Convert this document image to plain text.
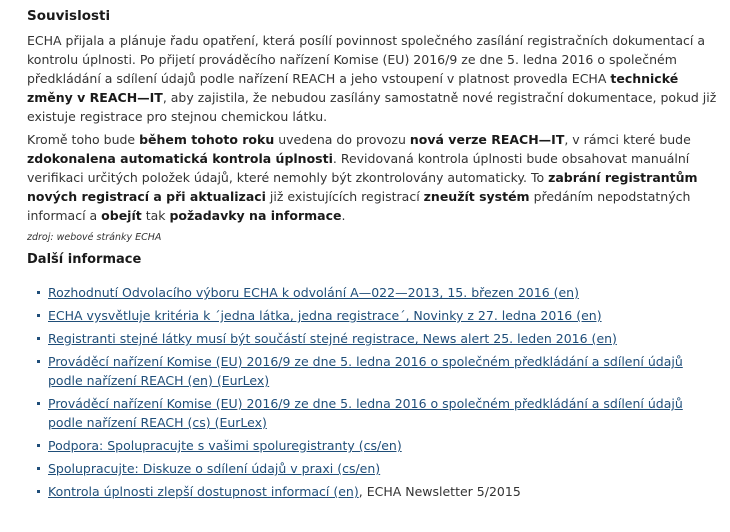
Souvislosti

ECHA přijala a plánuje řadu opatření, která posílí povinnost společného zasílání registračních dokumentací a kontrolu úplnosti. Po přijetí prováděcího nařízení Komise (EU) 2016/9 ze dne 5. ledna 2016 o společném předkládání a sdílení údajů podle nařízení REACH a jeho vstoupení v platnost provedla ECHA technické změny v REACH—IT, aby zajistila, že nebudou zasílány samostatně nové registrační dokumentace, pokud již existuje registrace pro stejnou chemickou látku.

Kromě toho bude během tohoto roku uvedena do provozu nová verze REACH—IT, v rámci které bude zdokonalena automatická kontrola úplnosti. Revidovaná kontrola úplnosti bude obsahovat manuální verifikaci určitých položek údajů, které nemohly být zkontrolovány automaticky. To zabrání registrantům nových registrací a při aktualizaci již existujících registrací zneužít systém předáním nepodstatných informací a obejít tak požadavky na informace.

zdroj: webové stránky ECHA
Další informace
Rozhodnutí Odvolacího výboru ECHA k odvolání A—022—2013, 15. březen 2016 (en)
ECHA vysvětluje kritéria k ´jedna látka, jedna registrace´, Novinky z 27. ledna 2016 (en)
Registranti stejné látky musí být součástí stejné registrace, News alert 25. leden 2016 (en)
Prováděcí nařízení Komise (EU) 2016/9 ze dne 5. ledna 2016 o společném předkládání a sdílení údajů podle nařízení REACH (en) (EurLex)
Prováděcí nařízení Komise (EU) 2016/9 ze dne 5. ledna 2016 o společném předkládání a sdílení údajů podle nařízení REACH (cs) (EurLex)
Podpora: Spolupracujte s vašimi spoluregistranty (cs/en)
Spolupracujte: Diskuze o sdílení údajů v praxi (cs/en)
Kontrola úplnosti zlepší dostupnost informací (en), ECHA Newsletter 5/2015
